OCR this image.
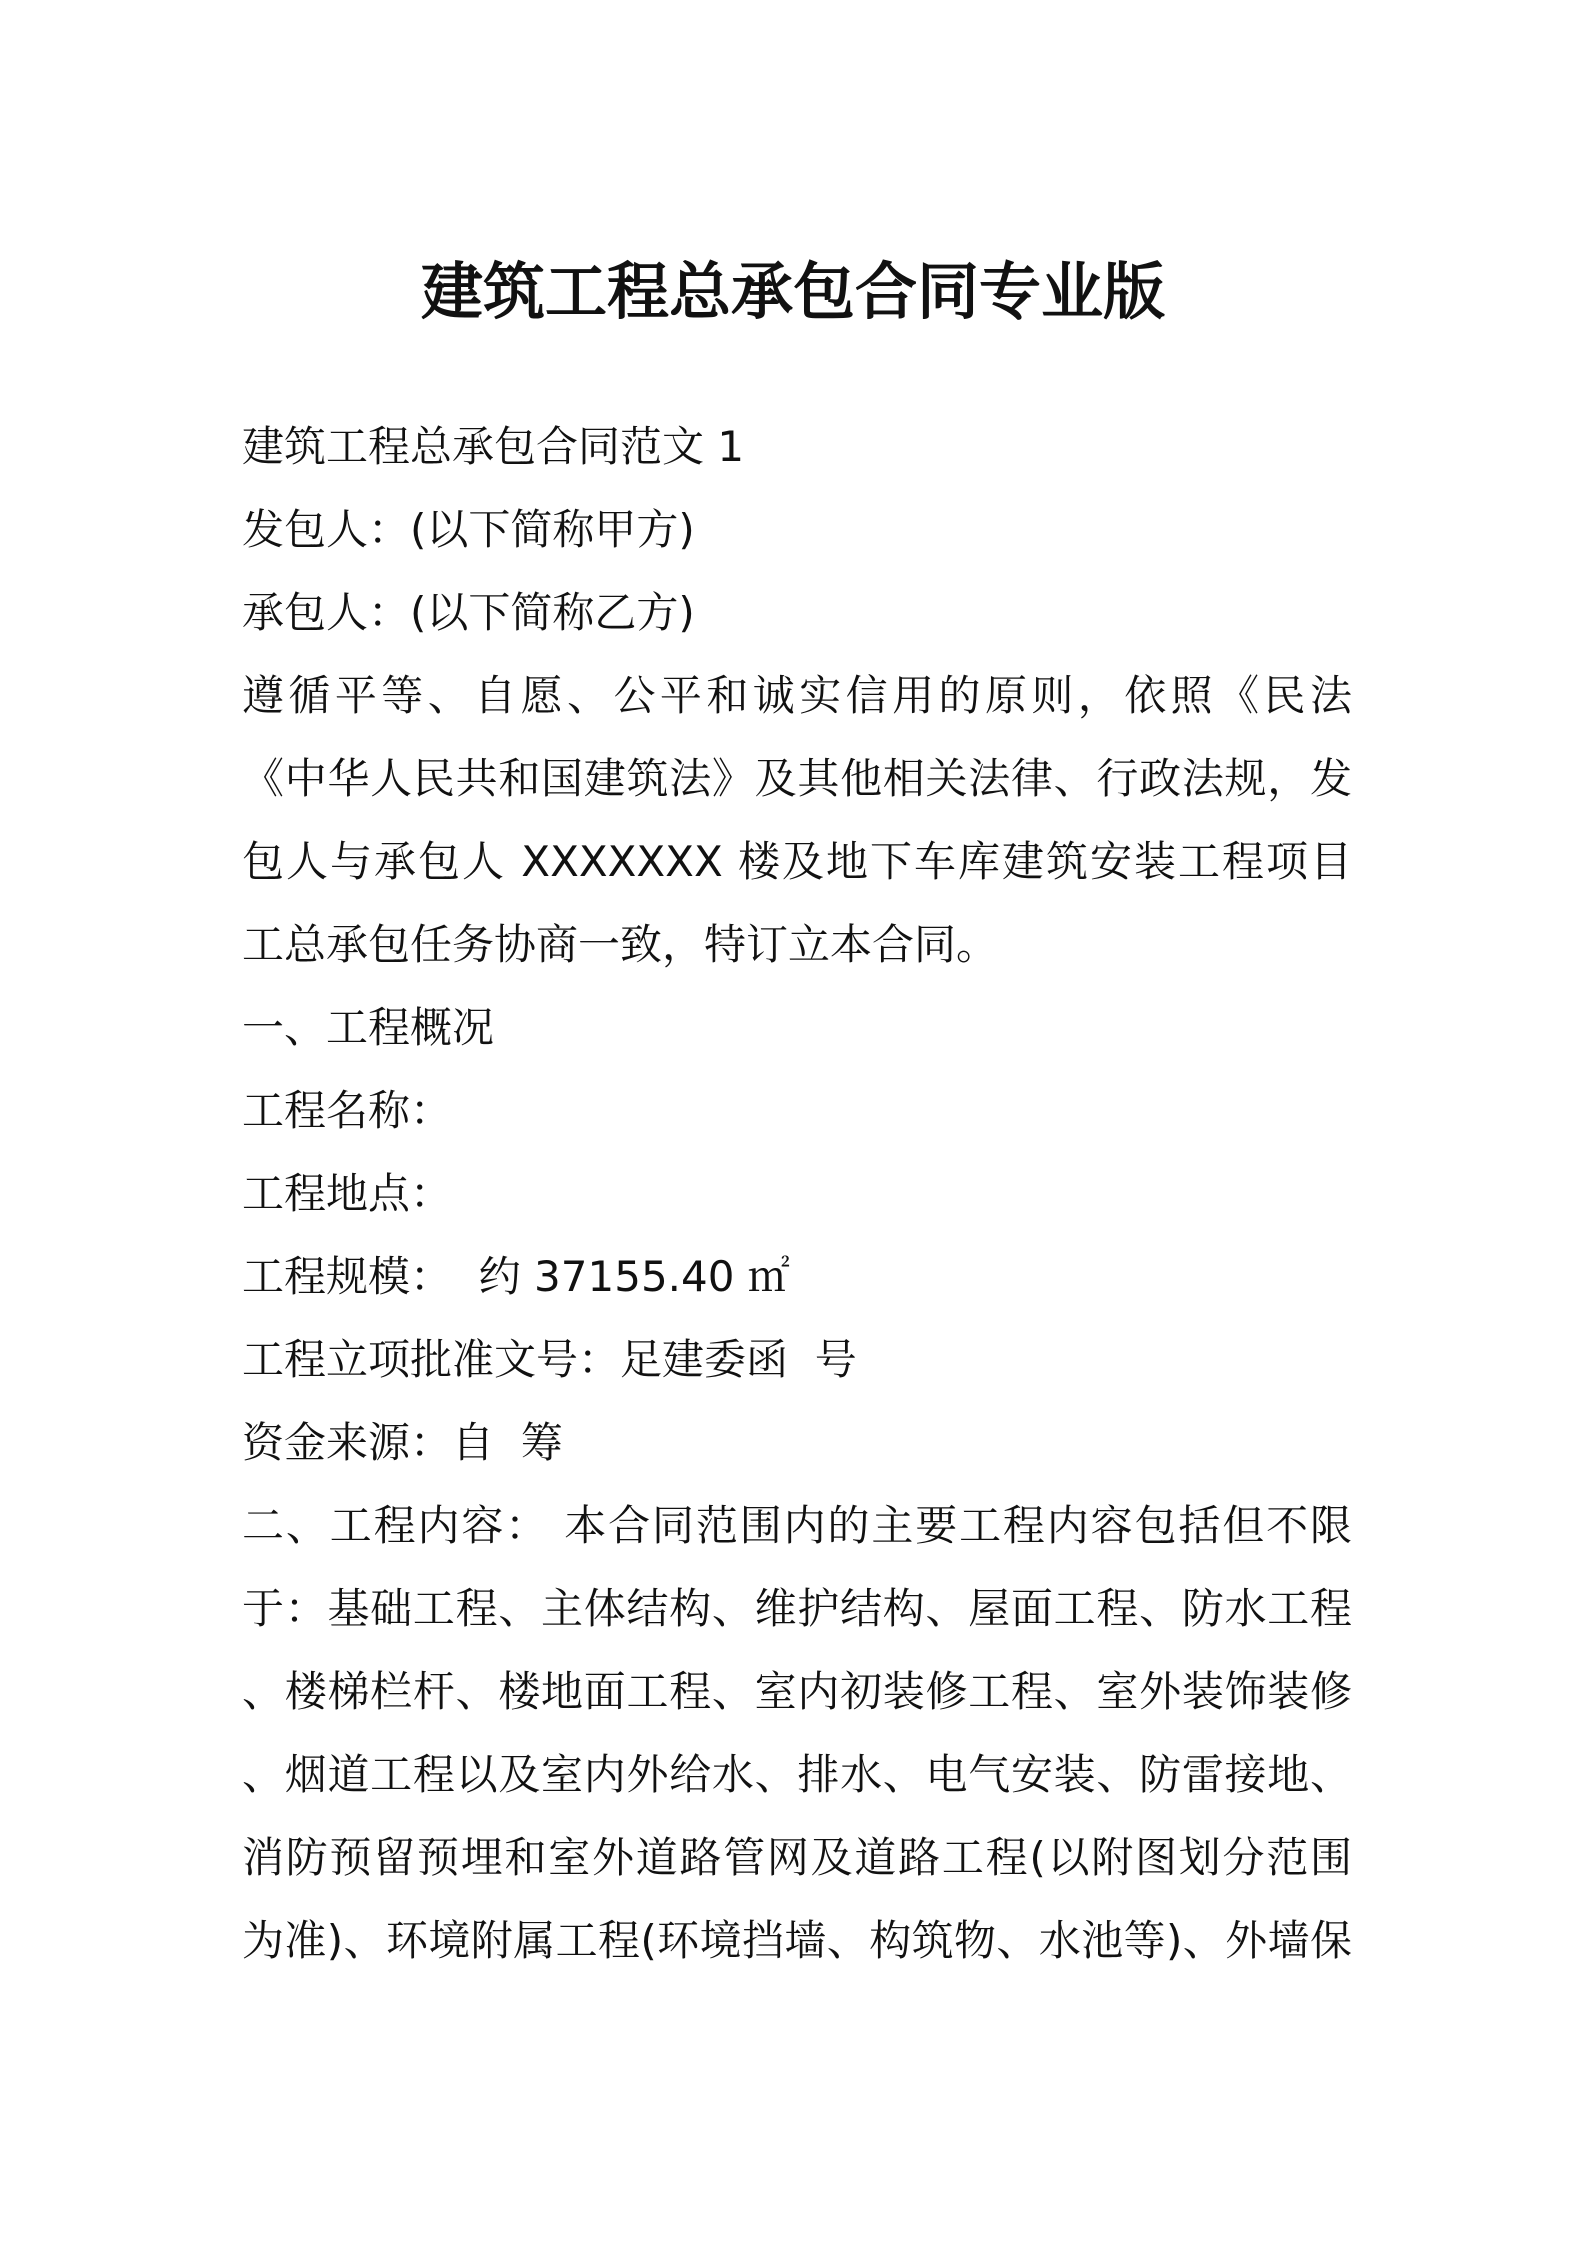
建筑工程总承包合同专业版
建筑工程总承包合同范文 1
发包人：(以下简称甲方)
承包人：(以下简称乙方)
遵循平等、自愿、公平和诚实信用的原则，依照《民法
《中华人民共和国建筑法》及其他相关法律、行政法规，发
包人与承包人 XXXXXXX 楼及地下车库建筑安装工程项目
工总承包任务协商一致，特订立本合同。
一、工程概况
工程名称：
工程地点：
工程规模：  约 37155.40 ㎡
工程立项批准文号：足建委函  号
资金来源：自  筹
二、工程内容： 本合同范围内的主要工程内容包括但不限
于：基础工程、主体结构、维护结构、屋面工程、防水工程
、楼梯栏杆、楼地面工程、室内初装修工程、室外装饰装修
、烟道工程以及室内外给水、排水、电气安装、防雷接地、
消防预留预埋和室外道路管网及道路工程(以附图划分范围
为准)、环境附属工程(环境挡墙、构筑物、水池等)、外墙保
